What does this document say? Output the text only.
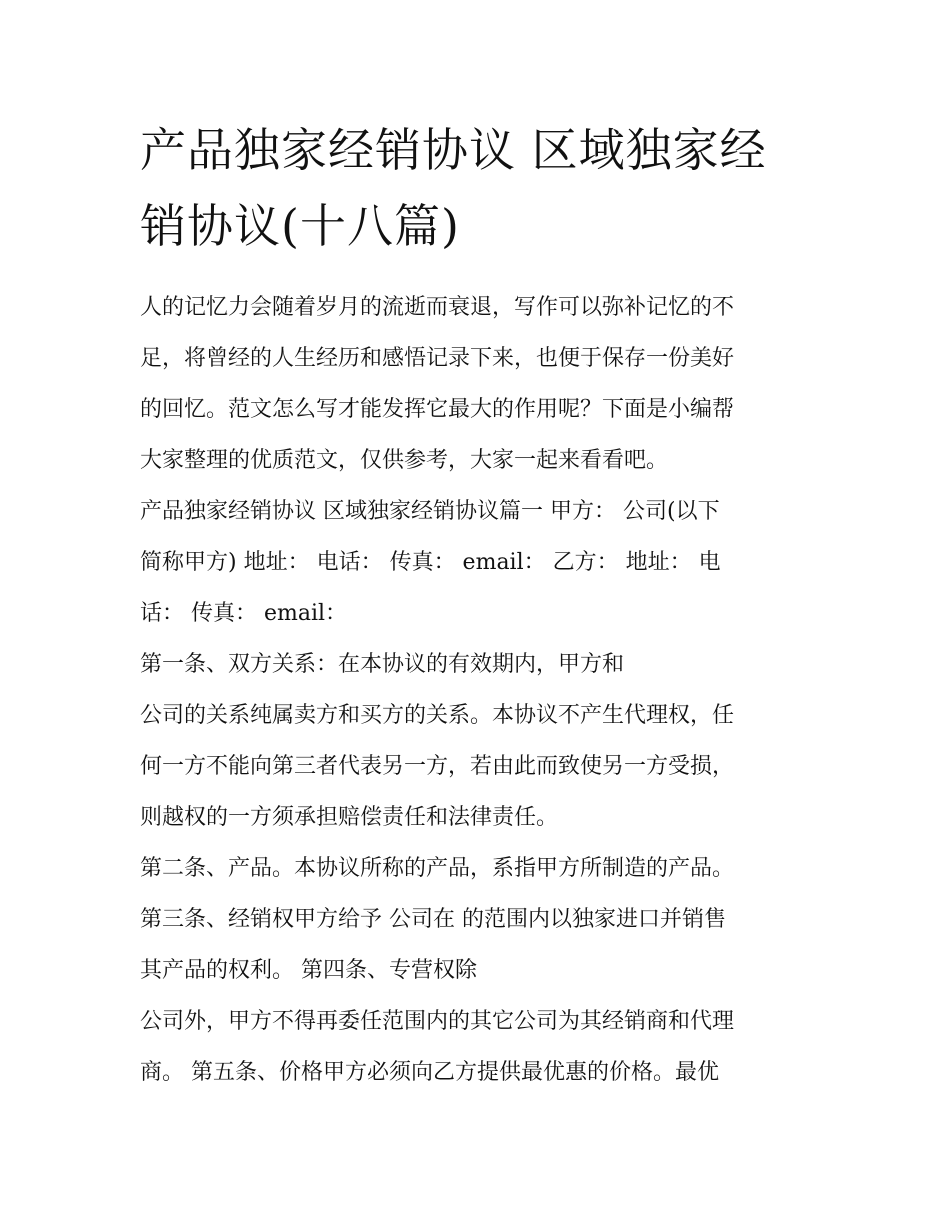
产品独家经销协议 区域独家经
销协议(十八篇)

人的记忆力会随着岁月的流逝而衰退，写作可以弥补记忆的不
足，将曾经的人生经历和感悟记录下来，也便于保存一份美好
的回忆。范文怎么写才能发挥它最大的作用呢？下面是小编帮
大家整理的优质范文，仅供参考，大家一起来看看吧。

产品独家经销协议 区域独家经销协议篇一 甲方： 公司(以下
简称甲方) 地址： 电话： 传真： email： 乙方： 地址： 电
话： 传真： email：

第一条、双方关系：在本协议的有效期内，甲方和

公司的关系纯属卖方和买方的关系。本协议不产生代理权，任
何一方不能向第三者代表另一方，若由此而致使另一方受损，
则越权的一方须承担赔偿责任和法律责任。

第二条、产品。本协议所称的产品，系指甲方所制造的产品。

第三条、经销权甲方给予 公司在 的范围内以独家进口并销售
其产品的权利。 第四条、专营权除

公司外，甲方不得再委任范围内的其它公司为其经销商和代理
商。 第五条、价格甲方必须向乙方提供最优惠的价格。最优
